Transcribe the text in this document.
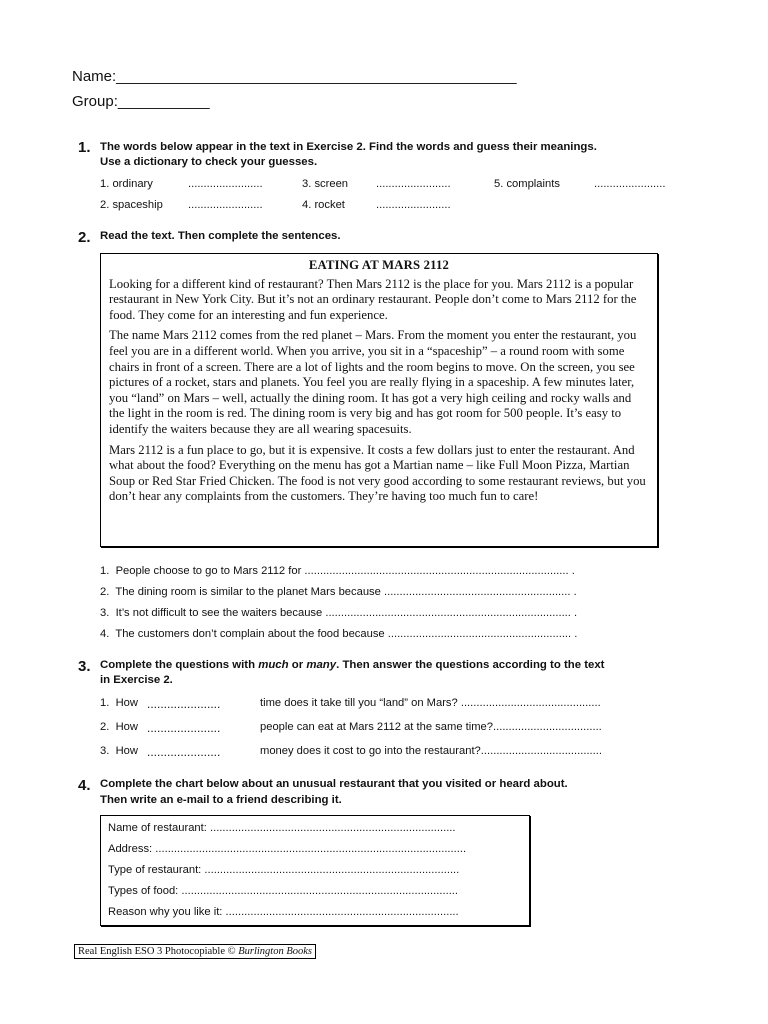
Name:________________________________________________
Group:___________
1. The words below appear in the text in Exercise 2. Find the words and guess their meanings.
Use a dictionary to check your guesses.
1. ordinary	........................
2. spaceship ........................
3. screen ........................
4. rocket	........................
5. complaints	.......................
2. Read the text. Then complete the sentences.
EATING AT MARS 2112

Looking for a different kind of restaurant? Then Mars 2112 is the place for you. Mars 2112 is a popular restaurant in New York City. But it’s not an ordinary restaurant. People don’t come to Mars 2112 for the food. They come for an interesting and fun experience.

The name Mars 2112 comes from the red planet – Mars. From the moment you enter the restaurant, you feel you are in a different world. When you arrive, you sit in a “spaceship” – a round room with some chairs in front of a screen. There are a lot of lights and the room begins to move. On the screen, you see pictures of a rocket, stars and planets. You feel you are really flying in a spaceship. A few minutes later, you “land” on Mars – well, actually the dining room. It has got a very high ceiling and rocky walls and the light in the room is red. The dining room is very big and has got room for 500 people. It’s easy to identify the waiters because they are all wearing spacesuits.

Mars 2112 is a fun place to go, but it is expensive. It costs a few dollars just to enter the restaurant. And what about the food? Everything on the menu has got a Martian name – like Full Moon Pizza, Martian Soup or Red Star Fried Chicken. The food is not very good according to some restaurant reviews, but you don’t hear any complaints from the customers. They’re having too much fun to care!

1. People choose to go to Mars 2112 for ..................................................................................... .
2. The dining room is similar to the planet Mars because ............................................................ .
3. It’s not difficult to see the waiters because ............................................................................... .
4. The customers don’t complain about the food because ........................................................... .
3. Complete the questions with much or many. Then answer the questions according to the text
in Exercise 2.
1. How ......................	time does it take till you “land” on Mars? .............................................
2. How ......................	people can eat at Mars 2112 at the same time?...................................
3. How ......................	money does it cost to go into the restaurant?.......................................
4. Complete the chart below about an unusual restaurant that you visited or heard about.
Then write an e-mail to a friend describing it.
Name of restaurant: ...............................................................................
Address: ....................................................................................................
Type of restaurant: ..................................................................................
Types of food: .........................................................................................
Reason why you like it: ...........................................................................
Real English ESO 3 Photocopiable © Burlington Books
